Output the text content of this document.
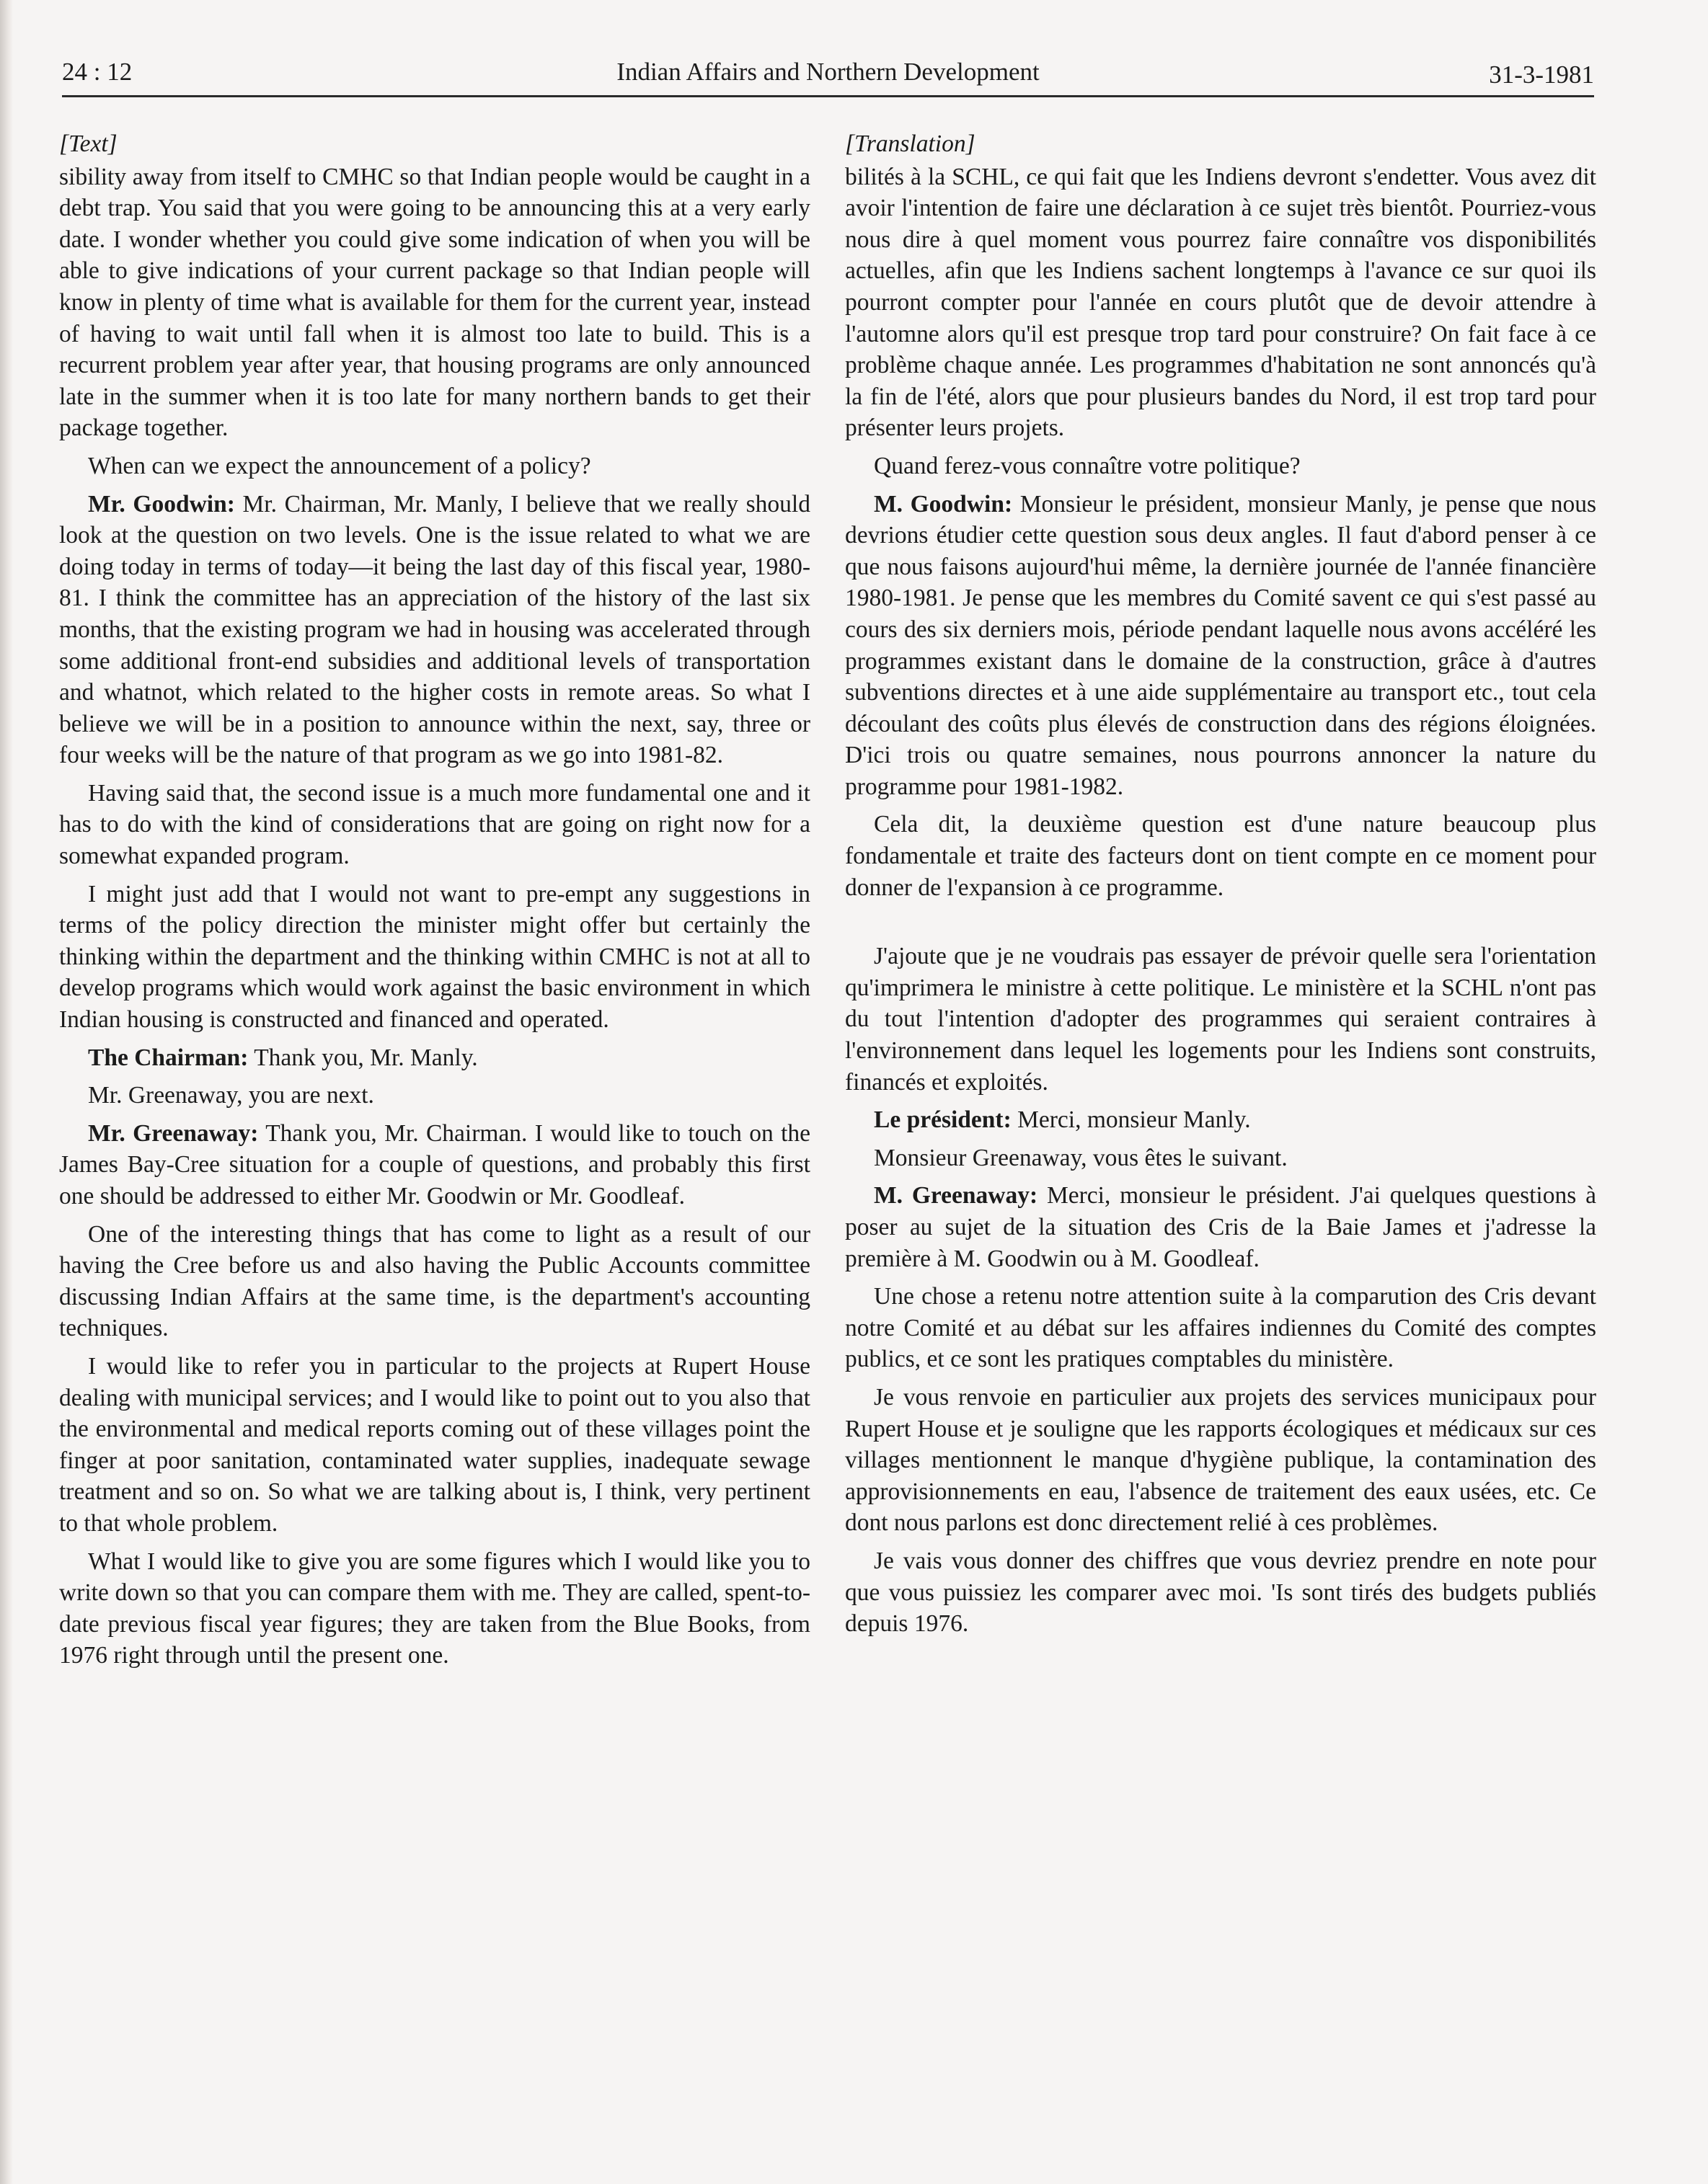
24 : 12	Indian Affairs and Northern Development	31-3-1981
[Text]

sibility away from itself to CMHC so that Indian people would be caught in a debt trap. You said that you were going to be announcing this at a very early date. I wonder whether you could give some indication of when you will be able to give indications of your current package so that Indian people will know in plenty of time what is available for them for the current year, instead of having to wait until fall when it is almost too late to build. This is a recurrent problem year after year, that housing programs are only announced late in the summer when it is too late for many northern bands to get their package together.

When can we expect the announcement of a policy?

Mr. Goodwin: Mr. Chairman, Mr. Manly, I believe that we really should look at the question on two levels. One is the issue related to what we are doing today in terms of today—it being the last day of this fiscal year, 1980-81. I think the committee has an appreciation of the history of the last six months, that the existing program we had in housing was accelerated through some additional front-end subsidies and additional levels of transportation and whatnot, which related to the higher costs in remote areas. So what I believe we will be in a position to announce within the next, say, three or four weeks will be the nature of that program as we go into 1981-82.

Having said that, the second issue is a much more fundamental one and it has to do with the kind of considerations that are going on right now for a somewhat expanded program.

I might just add that I would not want to pre-empt any suggestions in terms of the policy direction the minister might offer but certainly the thinking within the department and the thinking within CMHC is not at all to develop programs which would work against the basic environment in which Indian housing is constructed and financed and operated.

The Chairman: Thank you, Mr. Manly.

Mr. Greenaway, you are next.

Mr. Greenaway: Thank you, Mr. Chairman. I would like to touch on the James Bay-Cree situation for a couple of questions, and probably this first one should be addressed to either Mr. Goodwin or Mr. Goodleaf.

One of the interesting things that has come to light as a result of our having the Cree before us and also having the Public Accounts committee discussing Indian Affairs at the same time, is the department's accounting techniques.

I would like to refer you in particular to the projects at Rupert House dealing with municipal services; and I would like to point out to you also that the environmental and medical reports coming out of these villages point the finger at poor sanitation, contaminated water supplies, inadequate sewage treatment and so on. So what we are talking about is, I think, very pertinent to that whole problem.

What I would like to give you are some figures which I would like you to write down so that you can compare them with me. They are called, spent-to-date previous fiscal year figures; they are taken from the Blue Books, from 1976 right through until the present one.

[Translation]

bilités à la SCHL, ce qui fait que les Indiens devront s'endetter. Vous avez dit avoir l'intention de faire une déclaration à ce sujet très bientôt. Pourriez-vous nous dire à quel moment vous pourrez faire connaître vos disponibilités actuelles, afin que les Indiens sachent longtemps à l'avance ce sur quoi ils pourront compter pour l'année en cours plutôt que de devoir attendre à l'automne alors qu'il est presque trop tard pour construire? On fait face à ce problème chaque année. Les programmes d'habitation ne sont annoncés qu'à la fin de l'été, alors que pour plusieurs bandes du Nord, il est trop tard pour présenter leurs projets.

Quand ferez-vous connaître votre politique?

M. Goodwin: Monsieur le président, monsieur Manly, je pense que nous devrions étudier cette question sous deux angles. Il faut d'abord penser à ce que nous faisons aujourd'hui même, la dernière journée de l'année financière 1980-1981. Je pense que les membres du Comité savent ce qui s'est passé au cours des six derniers mois, période pendant laquelle nous avons accéléré les programmes existant dans le domaine de la construction, grâce à d'autres subventions directes et à une aide supplémentaire au transport etc., tout cela découlant des coûts plus élevés de construction dans des régions éloignées. D'ici trois ou quatre semaines, nous pourrons annoncer la nature du programme pour 1981-1982.

Cela dit, la deuxième question est d'une nature beaucoup plus fondamentale et traite des facteurs dont on tient compte en ce moment pour donner de l'expansion à ce programme.

J'ajoute que je ne voudrais pas essayer de prévoir quelle sera l'orientation qu'imprimera le ministre à cette politique. Le ministère et la SCHL n'ont pas du tout l'intention d'adopter des programmes qui seraient contraires à l'environnement dans lequel les logements pour les Indiens sont construits, financés et exploités.

Le président: Merci, monsieur Manly.

Monsieur Greenaway, vous êtes le suivant.

M. Greenaway: Merci, monsieur le président. J'ai quelques questions à poser au sujet de la situation des Cris de la Baie James et j'adresse la première à M. Goodwin ou à M. Goodleaf.

Une chose a retenu notre attention suite à la comparution des Cris devant notre Comité et au débat sur les affaires indiennes du Comité des comptes publics, et ce sont les pratiques comptables du ministère.

Je vous renvoie en particulier aux projets des services municipaux pour Rupert House et je souligne que les rapports écologiques et médicaux sur ces villages mentionnent le manque d'hygiène publique, la contamination des approvisionnements en eau, l'absence de traitement des eaux usées, etc. Ce dont nous parlons est donc directement relié à ces problèmes.

Je vais vous donner des chiffres que vous devriez prendre en note pour que vous puissiez les comparer avec moi. 'Is sont tirés des budgets publiés depuis 1976.
